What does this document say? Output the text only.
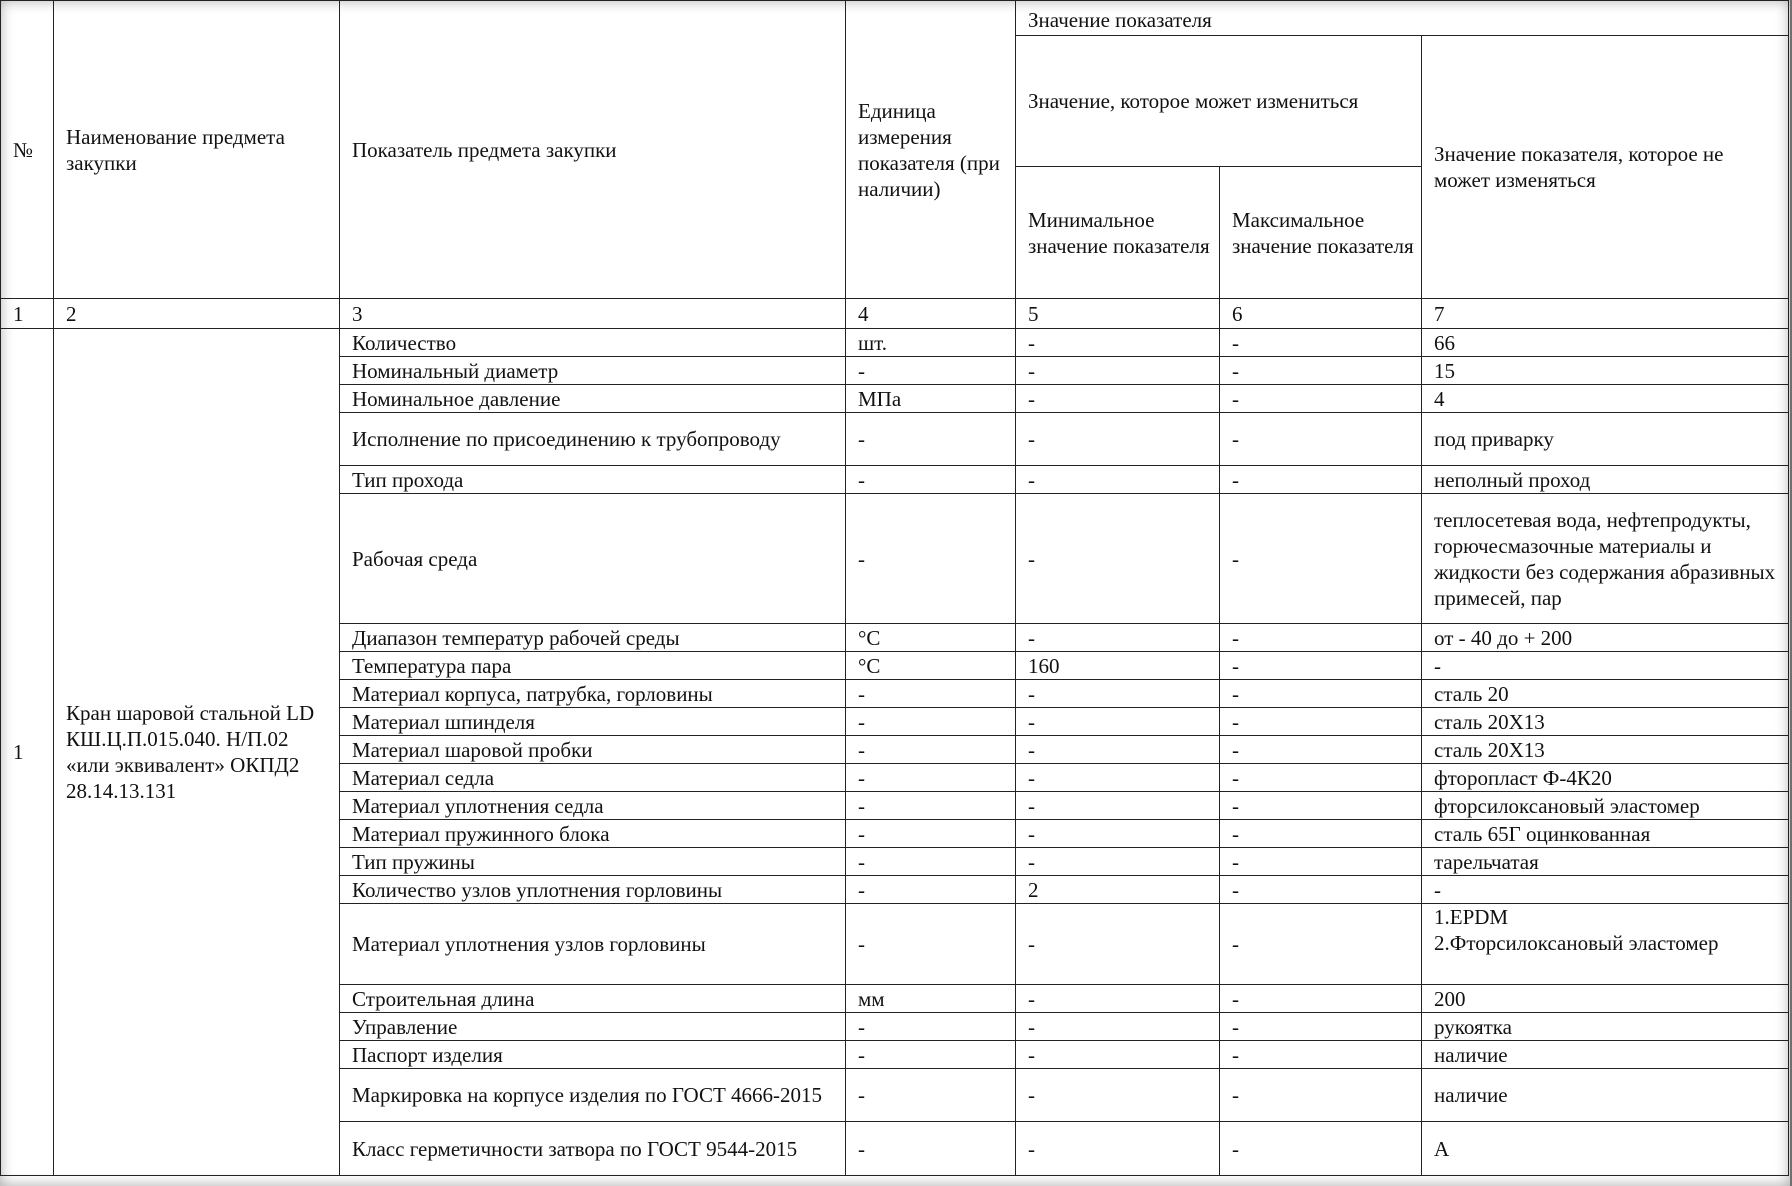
№	Наименование предмета закупки	Показатель предмета закупки	Единица измерения показателя (при наличии)	Значение показателя		
				Значение, которое может измениться		Значение показателя, которое не может изменяться
				Минимальное значение показателя	Максимальное значение показателя	
1	2	3	4	5	6	7
1	Кран шаровой стальной LD КШ.Ц.П.015.040. Н/П.02 «или эквивалент» ОКПД2 28.14.13.131	Количество	шт.	-	-	66
		Номинальный диаметр	-	-	-	15
		Номинальное давление	МПа	-	-	4
		Исполнение по присоединению к трубопроводу	-	-	-	под приварку
		Тип прохода	-	-	-	неполный проход
		Рабочая среда	-	-	-	теплосетевая вода, нефтепродукты, горючесмазочные материалы и жидкости без содержания абразивных примесей, пар
		Диапазон температур рабочей среды	°C	-	-	от - 40 до + 200
		Температура пара	°C	160	-	-
		Материал корпуса, патрубка, горловины	-	-	-	сталь 20
		Материал шпинделя	-	-	-	сталь 20Х13
		Материал шаровой пробки	-	-	-	сталь 20Х13
		Материал седла	-	-	-	фторопласт Ф-4К20
		Материал уплотнения седла	-	-	-	фторсилоксановый эластомер
		Материал пружинного блока	-	-	-	сталь 65Г оцинкованная
		Тип пружины	-	-	-	тарельчатая
		Количество узлов уплотнения горловины	-	2	-	-
		Материал уплотнения узлов горловины	-	-	-	1.EPDM
2.Фторсилоксановый эластомер

		Строительная длина	мм	-	-	200
		Управление	-	-	-	рукоятка
		Паспорт изделия	-	-	-	наличие
		Маркировка на корпусе изделия по ГОСТ 4666-2015	-	-	-	наличие
		Класс герметичности затвора по ГОСТ 9544-2015	-	-	-	А
